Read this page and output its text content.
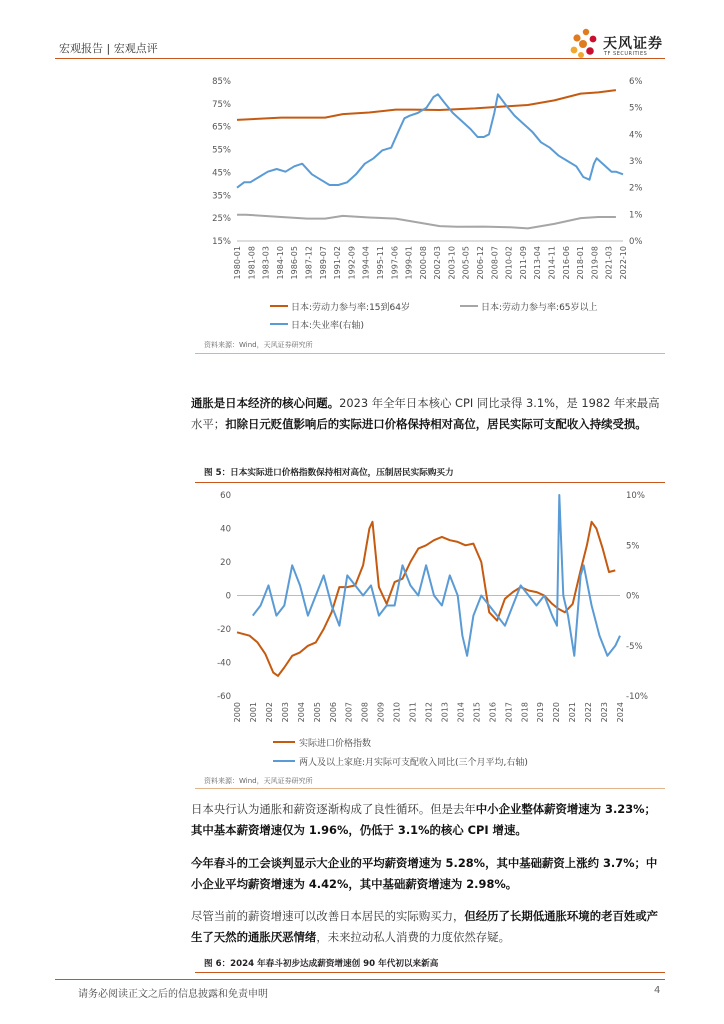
宏观报告 | 宏观点评	天风证券
TF SECURITIES
85%
75%
65%
55%
45%
35%
25%
15%
6%
5%
4%
3%
2%
1%
0%
1980-01 1981-08 1983-03 1984-10 1986-05 1987-12 1989-07 1991-02 1992-09 1994-04 1995-11 1997-06 1999-01 2000-08 2002-03 2003-10 2005-05 2006-12 2008-07 2010-02 2011-09 2013-04 2014-11 2016-06 2018-01 2019-08 2021-03 2022-10
日本:劳动力参与率:15到64岁	日本:劳动力参与率:65岁以上
日本:失业率(右轴)
资料来源：Wind，天风证券研究所

通胀是日本经济的核心问题。2023 年全年日本核心 CPI 同比录得 3.1%，是 1982 年来最高水平；扣除日元贬值影响后的实际进口价格保持相对高位，居民实际可支配收入持续受损。

图 5：日本实际进口价格指数保持相对高位，压制居民实际购买力
60
40
20
0
-20
-40
-60
10%
5%
0%
-5%
-10%
2000 2001 2002 2003 2004 2005 2006 2007 2008 2009 2010 2011 2012 2013 2014 2015 2016 2017 2018 2019 2020 2021 2022 2023 2024
实际进口价格指数
两人及以上家庭:月实际可支配收入同比(三个月平均,右轴)
资料来源：Wind，天风证券研究所

日本央行认为通胀和薪资逐渐构成了良性循环。但是去年中小企业整体薪资增速为 3.23%；其中基本薪资增速仅为 1.96%，仍低于 3.1%的核心 CPI 增速。

今年春斗的工会谈判显示大企业的平均薪资增速为 5.28%，其中基础薪资上涨约 3.7%；中小企业平均薪资增速为 4.42%，其中基础薪资增速为 2.98%。

尽管当前的薪资增速可以改善日本居民的实际购买力，但经历了长期低通胀环境的老百姓或产生了天然的通胀厌恶情绪，未来拉动私人消费的力度依然存疑。

图 6：2024 年春斗初步达成薪资增速创 90 年代初以来新高
请务必阅读正文之后的信息披露和免责申明	4
